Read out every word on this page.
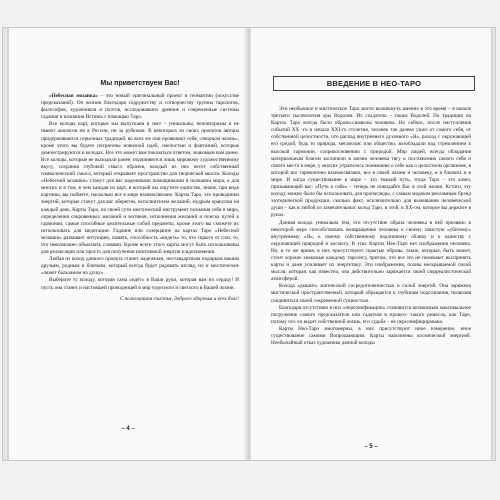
Мы приветствуем Вас!

«Небесная мозаика» – это новый оригинальный проект в геомантии (искусстве предсказаний). Он возник благодаря содружеству и сотворчеству группы тарологов, философов, художников и поэтов, исследовавших древние и современные системы гадания и познания Истины с помощью Таро.

Все колоды карт, которые мы выпускаем в свет – уникальны, неповторимы и не имеют аналогов ни в России, ни за рубежом. В некоторых из своих проектов авторы придерживаются серьезных традиций, во всех же они проявляют себя, «творцом жизнь», кроме этого вы будете потрясены новизной идей, смелостью и фантазией, которые демонстрируются в колодах. Все это может вам показаться ответом, знакомым вам ранее. Все колоды, которые не выходили ранее, подчиняются лишь мировому художественному вкусу, сохранив глубокий смысл образов, каждый из них несет собственный символический смысл, который открывает пространство для творческой мысли. Колоды «Небесной мозаики» станут для вас надежными помощниками в познании мира, а для многих и в том, в чем каждая из карт, в которой вы ощутите единство, иначе, при виде картины, вы поймете, насколько все в мире взаимосвязано. Карты Таро, это проводники энергий, которые станут для вас оберегом, исполнителем желаний, мудрым оракулом на каждый день. Карты Таро, по своей сути мистический инструмент познания себя и мира, определения сокровенных желаний и мотивов, исполнения желаний и поиска путей к гармонии, самые способные целительные собой предметы, кроме этого вы сможете их использовать для медитации. Гадание или созерцание на картах Таро «Небесной мозаики» развивает интуицию, память, способность «видеть» то, что скрыто от глаз, то, что невозможно объяснить словами. Кроме всего этого карты могут быть использованы для релаксации или просто для получения позитивной энергии и вдохновения.

Любая из колод данного проекта станет надежным, неставдартным подарком вашим друзьям, родным и близким, который всегда будет радовать взгляд, но и мистические «ляжет бальзамом на душу».

Выберите ту колоду, которая сама «идёт» в Ваши руки, которая вам по сердцу! И пусть она станет и настоящей проводницей в мир чудесного и светлого в Вашей жизни.

С пожеланием счастья, доброго здоровья и всех благ!
– 4 –
ВВЕДЕНИЕ В НЕО-ТАРО

Эти необычное и мистическое Таро могло возникнуть именно в это время – в начале третьего тысячелетия эры Водолея. Их создатель – также Водолей. По традиции на Картах Таро всегда были образы-символы человека. Но сейчас, после наступления событий XX -го и начала XXI-го столетия, человек так далеко ушел от самого себя, от собственной целостности, что распад внутреннего духовного «Я», разлад с окружающей его средой, будь то природа, мегаполис или общество, возобладали над стремлением к высокой гармонии, соприкосновению с природой. Мир людей, всегда обладания материальным благом заслонили в жизни человека тягу к постижению самого себя и своего места в мире, у многих утратилось понимание о себе как о целостном организме, в которой все гармонично взаимосвязано, все в своей жизни и человеку, и в близких и в мире. И когда существование в мире – это тяжкий путь, тогда Таро – это ключ, призывающий вас: «Путь к себе» – теперь не покидайте Вас в этой жизни. Кстати, эту колоду можно было бы использовать для пропаганды, с самым модным рекламным брэнд эзотерической продукции, сколько факт, исключительно для выживания человеческой души – как в любой из замечательных колод Таро, в этой, в XX-ом, которое вы держите в руках.

Данная колода уникальна тем, что отсутствие образа человека в ней призвано в некоторой мере способствовать возвращению человека к своему зачастую «убитому» внутреннему «Я», к своему собственному подлинному облику и к единству с окружающей природой и космосу. В этих Картах Нео-Таро нет изображения человека. Но, в то же время, в них присутствуют скрытые образы, такие, которые, быть может, стоит хорошо знакомые каждому тарологу, притом, что все это не помешает воспринять карты и даже усиливает их энергетику. Эти изображения, полны нескрываемой силой мысли, которая, как известно, она действительно заряжается своей сюрреалистической атмосферой.

Колода «дышит» магической сосредоточенностью и силой энергий. Она заряжена мистической пространственной, который обращается к глубинам подсознания, позволяя соединиться своей сокровенной сущностью.

Благодаря отсутствию в них «персонификации» становится возможным максимальное погружение самого предсказателя или гадателя в процесс такого ремесла, как Таро, потому что он видит собственной жизнь, его судьба – не персонифицирована.

Карты Нео-Таро многомерны, в них присутствуют иное измерение, иное существование самими Вопрошающим. Карты наполнены космической энергией. Необычайный отказ художника данной колоды

– 5 –
